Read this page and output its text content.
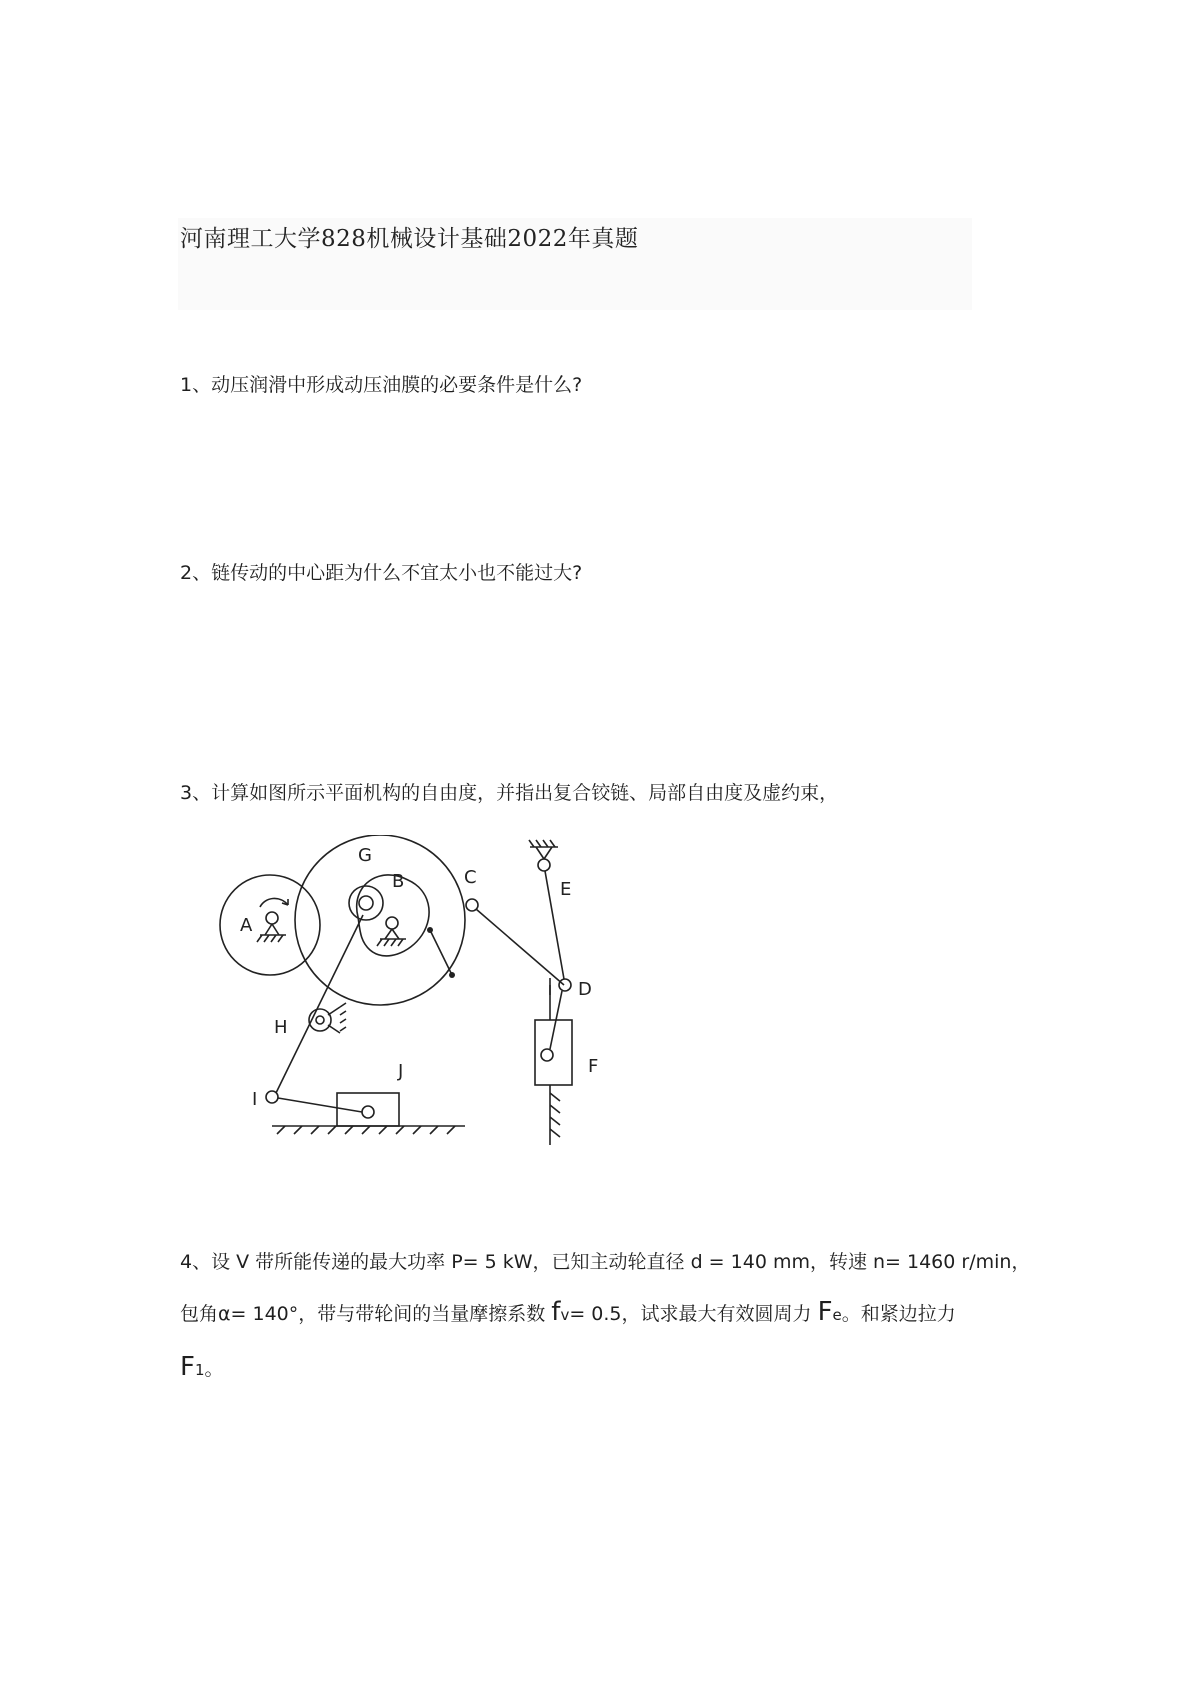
河南理工大学828机械设计基础2022年真题
1、动压润滑中形成动压油膜的必要条件是什么?
2、链传动的中心距为什么不宜太小也不能过大?
3、计算如图所示平面机构的自由度，并指出复合铰链、局部自由度及虚约束，
A
B	C
D
E
F
G
H
I
J
4、设 V 带所能传递的最大功率 P= 5 kW，已知主动轮直径 d = 140 mm，转速 n= 1460 r/min，
包角α= 140°，带与带轮间的当量摩擦系数 fv= 0.5，试求最大有效圆周力 Fe。和紧边拉力
F1。
